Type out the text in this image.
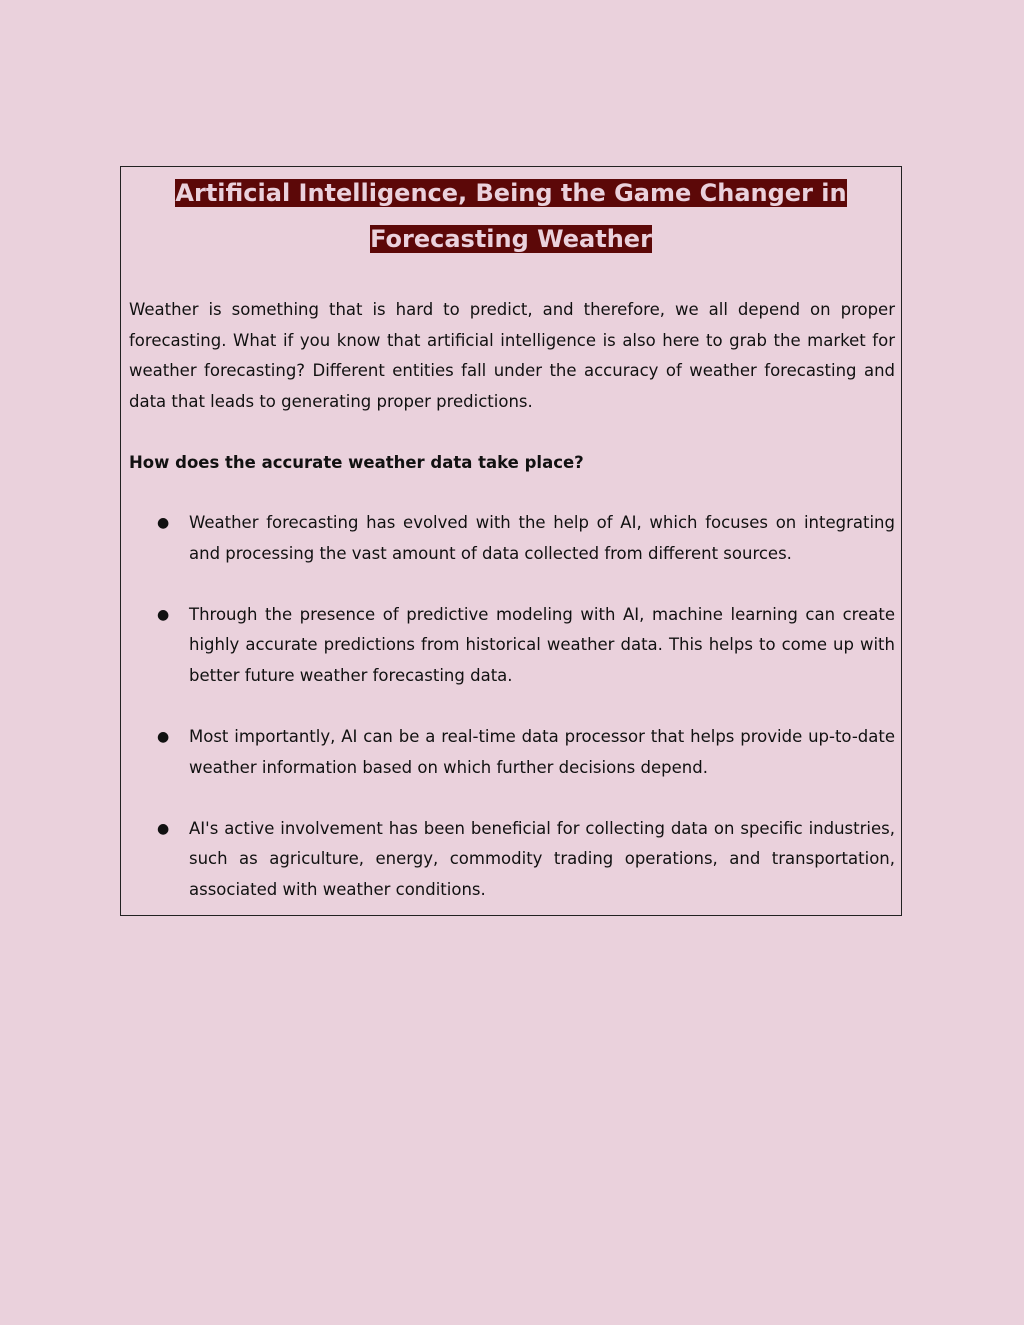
Artificial Intelligence, Being the Game Changer in
Forecasting Weather

Weather is something that is hard to predict, and therefore, we all depend on proper forecasting. What if you know that artificial intelligence is also here to grab the market for weather forecasting? Different entities fall under the accuracy of weather forecasting and data that leads to generating proper predictions.

How does the accurate weather data take place?
● Weather forecasting has evolved with the help of AI, which focuses on integrating and processing the vast amount of data collected from different sources.
● Through the presence of predictive modeling with AI, machine learning can create highly accurate predictions from historical weather data. This helps to come up with better future weather forecasting data.
● Most importantly, AI can be a real-time data processor that helps provide up-to-date weather information based on which further decisions depend.
● AI's active involvement has been beneficial for collecting data on specific industries, such as agriculture, energy, commodity trading operations, and transportation, associated with weather conditions.
